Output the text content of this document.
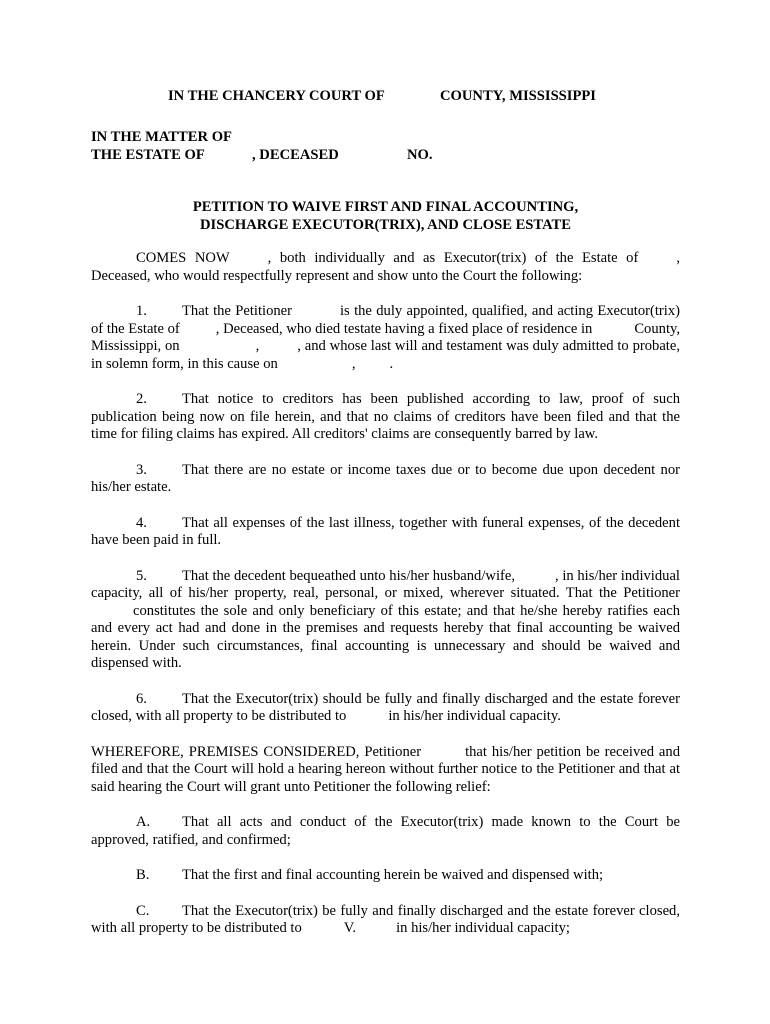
IN THE CHANCERY COURT OF	COUNTY, MISSISSIPPI
IN THE MATTER OF
THE ESTATE OF	, DECEASED	NO.
PETITION TO WAIVE FIRST AND FINAL ACCOUNTING,
DISCHARGE EXECUTOR(TRIX), AND CLOSE ESTATE

COMES NOW	, both individually and as Executor(trix) of the Estate of	, Deceased, who would respectfully represent and show unto the Court the following:

1. That the Petitioner	is the duly appointed, qualified, and acting Executor(trix) of the Estate of , Deceased, who died testate having a fixed place of residence in	County, Mississippi, on	,	, and whose last will and testament was duly admitted to probate, in solemn form, in this cause on	, .

2. That notice to creditors has been published according to law, proof of such publication being now on file herein, and that no claims of creditors have been filed and that the time for filing claims has expired. All creditors' claims are consequently barred by law.

3. That there are no estate or income taxes due or to become due upon decedent nor his/her estate.

4. That all expenses of the last illness, together with funeral expenses, of the decedent have been paid in full.

5. That the decedent bequeathed unto his/her husband/wife,	, in his/her individual capacity, all of his/her property, real, personal, or mixed, wherever situated. That the Petitionerconstitutes the sole and only beneficiary of this estate; and that he/she hereby ratifies each and every act had and done in the premises and requests hereby that final accounting be waived herein. Under such circumstances, final accounting is unnecessary and should be waived and dispensed with.

6. That the Executor(trix) should be fully and finally discharged and the estate forever closed, with all property to be distributed to	in his/her individual capacity.

WHEREFORE, PREMISES CONSIDERED, Petitioner	that his/her petition be received and filed and that the Court will hold a hearing hereon without further notice to the Petitioner and that at said hearing the Court will grant unto Petitioner the following relief:

A. That all acts and conduct of the Executor(trix) made known to the Court be approved, ratified, and confirmed;

B. That the first and final accounting herein be waived and dispensed with;

C. That the Executor(trix) be fully and finally discharged and the estate forever closed, with all property to be distributed to	V.	in his/her individual capacity;
